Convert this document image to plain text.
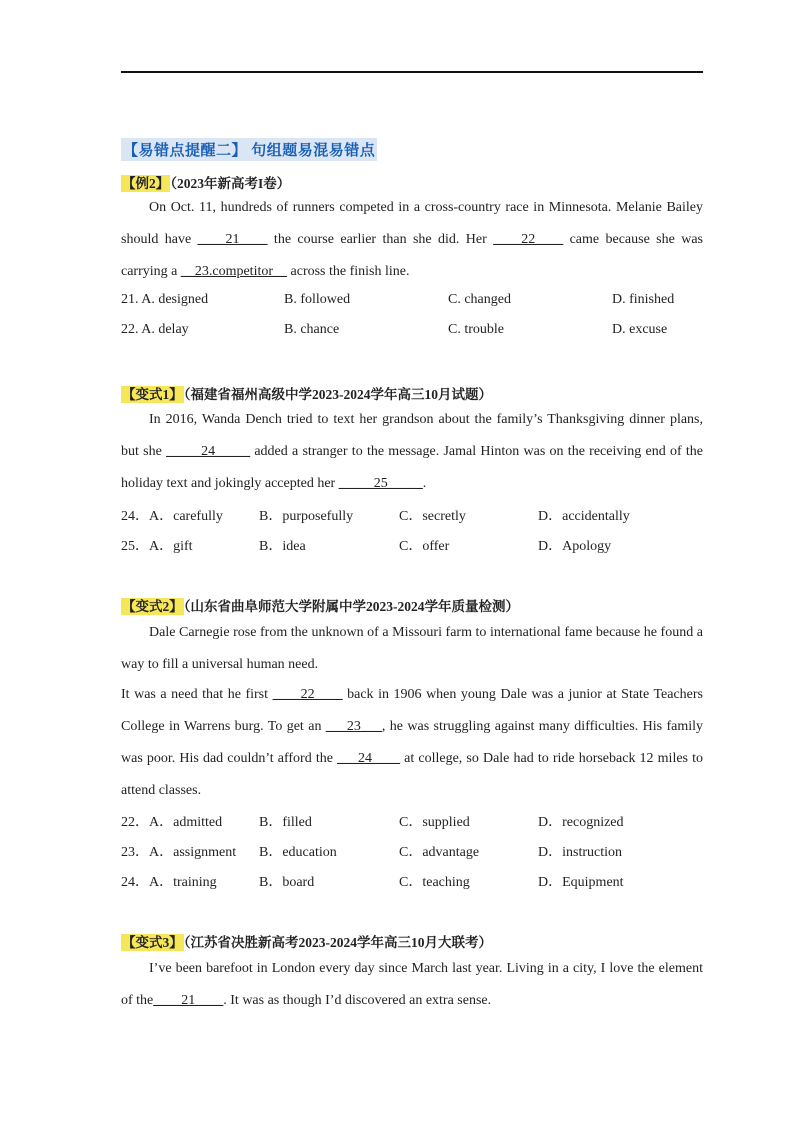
【易错点提醒二】 句组题易混易错点
【例2】（2023年新高考I卷）
On Oct. 11, hundreds of runners competed in a cross-country race in Minnesota. Melanie Bailey should have ____21____ the course earlier than she did. Her ____22____ came because she was carrying a __23.competitor__ across the finish line.
21. A. designed	B. followed	C. changed	D. finished
22. A. delay	B. chance	C. trouble	D. excuse
【变式1】（福建省福州高级中学2023-2024学年高三10月试题）
In 2016, Wanda Dench tried to text her grandson about the family’s Thanksgiving dinner plans, but she _____24_____ added a stranger to the message. Jamal Hinton was on the receiving end of the holiday text and jokingly accepted her _____25_____.
24．A．carefully	B．purposefully	C．secretly	D．accidentally
25．A．gift	B．idea	C．offer	D．Apology
【变式2】（山东省曲阜师范大学附属中学2023-2024学年质量检测）
Dale Carnegie rose from the unknown of a Missouri farm to international fame because he found a way to fill a universal human need.
It was a need that he first ____22____ back in 1906 when young Dale was a junior at State Teachers College in Warrens burg. To get an ___23___, he was struggling against many difficulties. His family was poor. His dad couldn’t afford the ___24____ at college, so Dale had to ride horseback 12 miles to attend classes.
22．A．admitted	B．filled	C．supplied	D．recognized
23．A．assignment B．education	C．advantage	D．instruction
24．A．training	B．board	C．teaching	D．Equipment
【变式3】（江苏省决胜新高考2023-2024学年高三10月大联考）
I’ve been barefoot in London every day since March last year. Living in a city, I love the element of the____21____. It was as though I’d discovered an extra sense.
